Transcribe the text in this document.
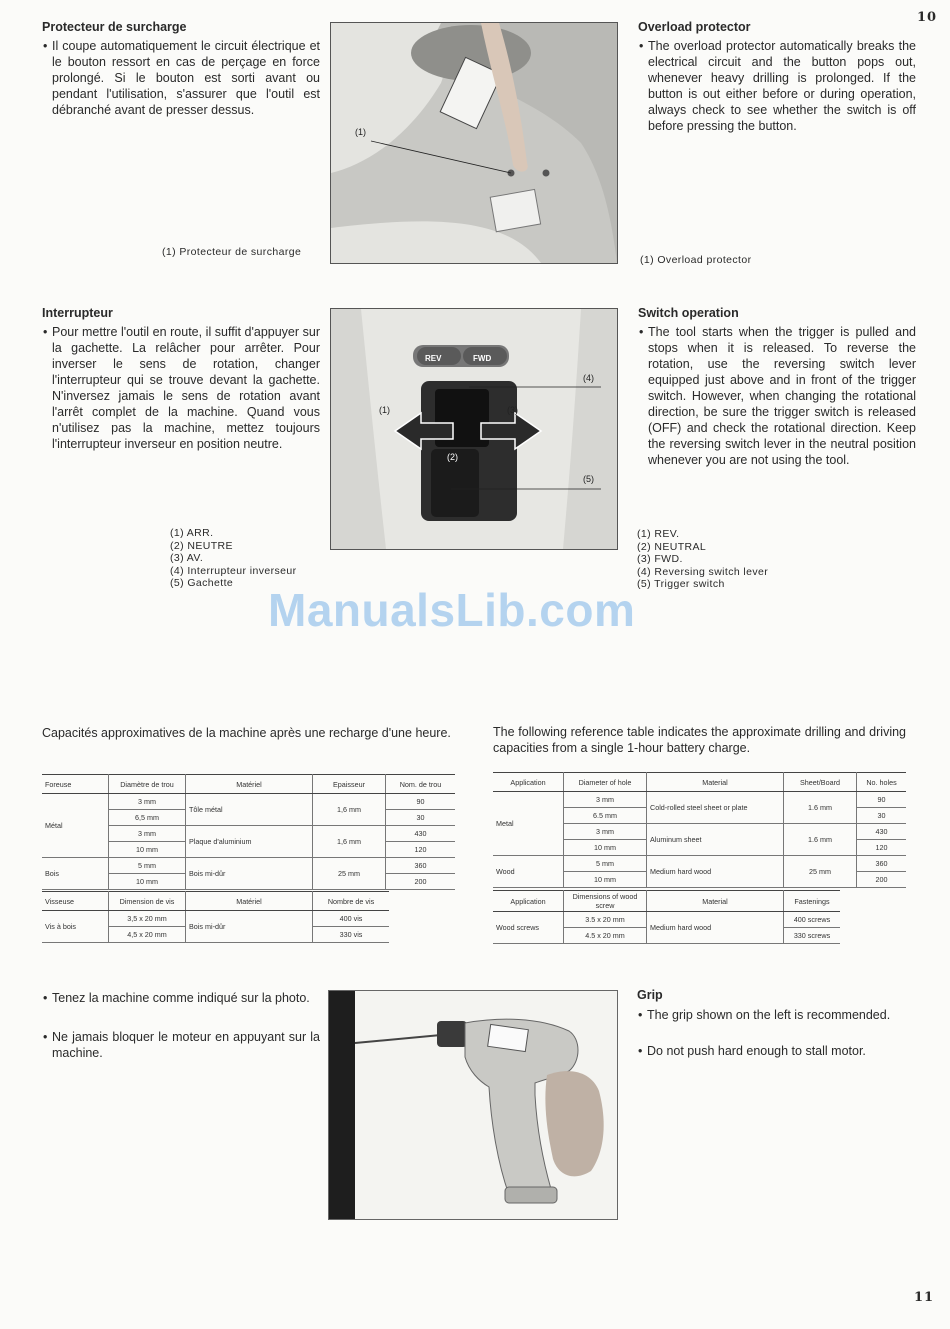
10
11
Protecteur de surcharge

• Il coupe automatiquement le circuit électrique et le bouton ressort en cas de perçage en force prolongé. Si le bouton est sorti avant ou pendant l'utilisation, s'assurer que l'outil est débranché avant de presser dessus.

(1) Protecteur de surcharge
(1)
Overload protector

• The overload protector automatically breaks the electrical circuit and the button pops out, whenever heavy drilling is prolonged. If the button is out either before or during operation, always check to see whether the switch is off before pressing the button.

(1) Overload protector
Interrupteur

• Pour mettre l'outil en route, il suffit d'appuyer sur la gachette. La relâcher pour arrêter. Pour inverser le sens de rotation, changer l'interrupteur qui se trouve devant la gachette. N'inversez jamais le sens de rotation avant l'arrêt complet de la machine. Quand vous n'utilisez pas la machine, mettez toujours l'interrupteur inverseur en position neutre.

(1) ARR.
(2) NEUTRE
(3) AV.
(4) Interrupteur inverseur
(5) Gachette
REV	FWD
(1)
(2)
(3)
(4)
(5)
Switch operation

• The tool starts when the trigger is pulled and stops when it is released. To reverse the rotation, use the reversing switch lever equipped just above and in front of the trigger switch. However, when changing the rotational direction, be sure the trigger switch is released (OFF) and check the rotational direction. Keep the reversing switch lever in the neutral position whenever you are not using the tool.

(1) REV.
(2) NEUTRAL
(3) FWD.
(4) Reversing switch lever
(5) Trigger switch
ManualsLib.com

Capacités approximatives de la machine après une recharge d'une heure.

Foreuse	Diamètre de trou	Matériel	Epaisseur	Nom. de trou
Métal	3 mm	Tôle métal	1,6 mm	90
	6,5 mm			30
	3 mm	Plaque d'aluminium	1,6 mm	430
	10 mm			120
Bois	5 mm	Bois mi-dûr	25 mm	360
	10 mm			200
Visseuse	Dimension de vis	Matériel	Nombre de vis
Vis à bois	3,5 x 20 mm	Bois mi-dûr	400 vis
	4,5 x 20 mm		330 vis

The following reference table indicates the approximate drilling and driving capacities from a single 1-hour battery charge.

Application	Diameter of hole	Material	Sheet/Board	No. holes
Metal	3 mm	Cold-rolled steel sheet or plate	1.6 mm	90
	6.5 mm			30
	3 mm	Aluminum sheet	1.6 mm	430
	10 mm			120
Wood	5 mm	Medium hard wood	25 mm	360
	10 mm			200
Application	Dimensions of wood screw	Material	Fastenings
Wood screws	3.5 x 20 mm	Medium hard wood	400 screws
	4.5 x 20 mm		330 screws

• Tenez la machine comme indiqué sur la photo.

• Ne jamais bloquer le moteur en appuyant sur la machine.

Grip

• The grip shown on the left is recommended.

• Do not push hard enough to stall motor.
